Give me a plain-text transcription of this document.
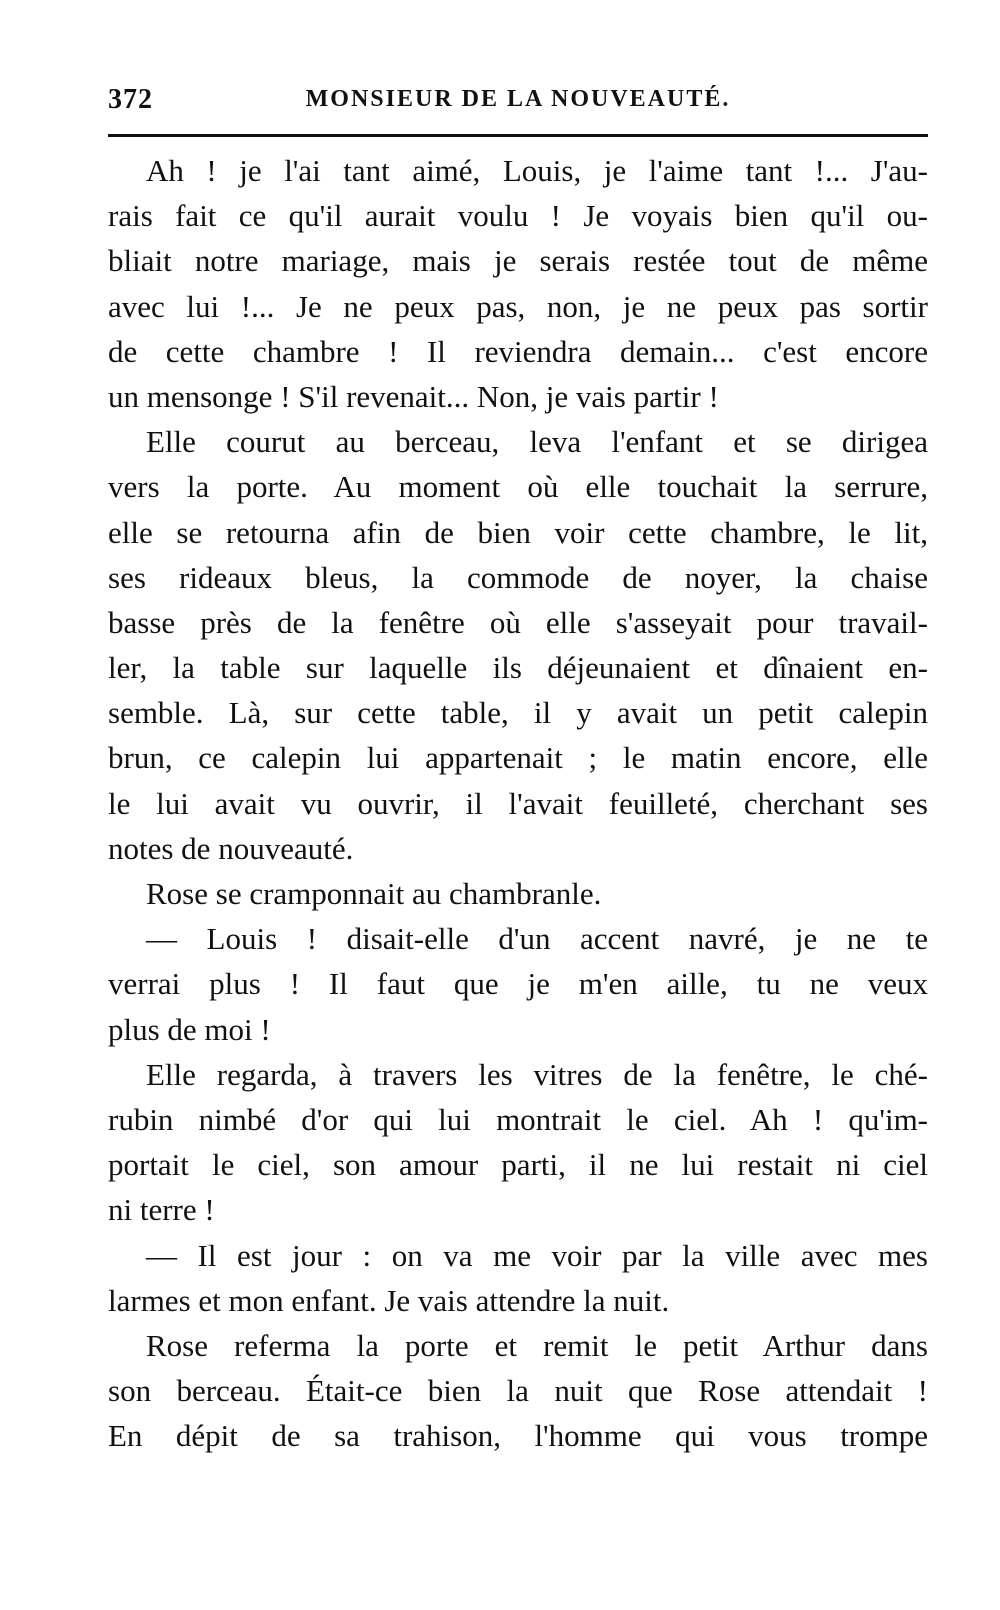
372	MONSIEUR DE LA NOUVEAUTÉ.
Ah ! je l'ai tant aimé, Louis, je l'aime tant !... J'au-
rais fait ce qu'il aurait voulu ! Je voyais bien qu'il ou-
bliait notre mariage, mais je serais restée tout de même
avec lui !... Je ne peux pas, non, je ne peux pas sortir
de cette chambre ! Il reviendra demain... c'est encore
un mensonge ! S'il revenait... Non, je vais partir !
Elle courut au berceau, leva l'enfant et se dirigea
vers la porte. Au moment où elle touchait la serrure,
elle se retourna afin de bien voir cette chambre, le lit,
ses rideaux bleus, la commode de noyer, la chaise
basse près de la fenêtre où elle s'asseyait pour travail-
ler, la table sur laquelle ils déjeunaient et dînaient en-
semble. Là, sur cette table, il y avait un petit calepin
brun, ce calepin lui appartenait ; le matin encore, elle
le lui avait vu ouvrir, il l'avait feuilleté, cherchant ses
notes de nouveauté.
Rose se cramponnait au chambranle.
— Louis ! disait-elle d'un accent navré, je ne te
verrai plus ! Il faut que je m'en aille, tu ne veux
plus de moi !
Elle regarda, à travers les vitres de la fenêtre, le ché-
rubin nimbé d'or qui lui montrait le ciel. Ah ! qu'im-
portait le ciel, son amour parti, il ne lui restait ni ciel
ni terre !
— Il est jour : on va me voir par la ville avec mes
larmes et mon enfant. Je vais attendre la nuit.
Rose referma la porte et remit le petit Arthur dans
son berceau. Était-ce bien la nuit que Rose attendait !
En dépit de sa trahison, l'homme qui vous trompe
